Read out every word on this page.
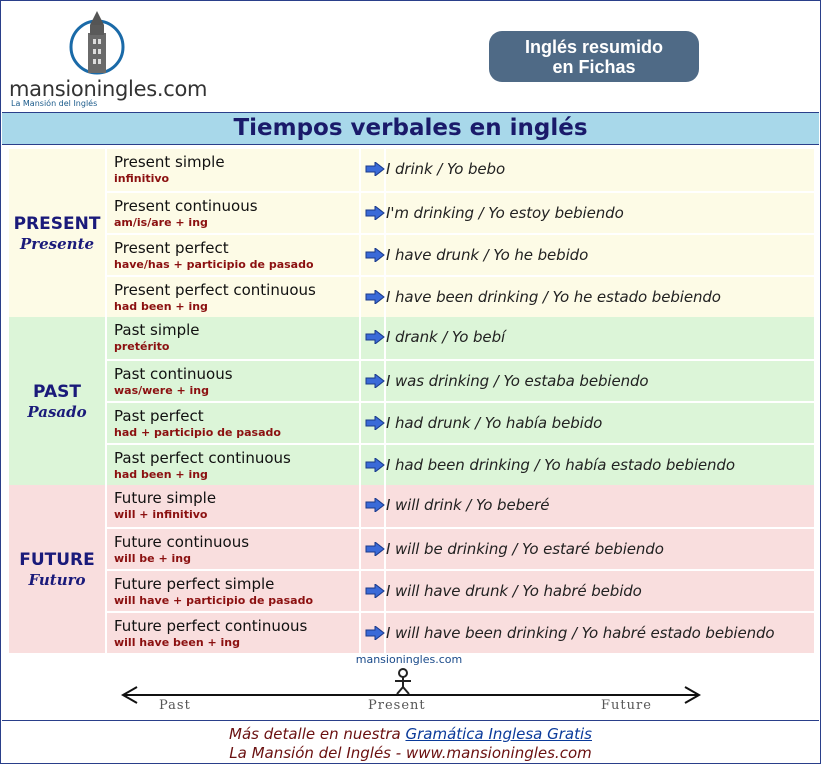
mansioningles.com
La Mansión del Inglés
Inglés resumido
en Fichas
Tiempos verbales en inglés
PRESENT
Presente
Present simple
infinitivo
I drink / Yo bebo
Present continuous
am/is/are + ing
I'm drinking / Yo estoy bebiendo
Present perfect
have/has + participio de pasado
I have drunk / Yo he bebido
Present perfect continuous
had been + ing
I have been drinking / Yo he estado bebiendo
PAST
Pasado
Past simple
pretérito
I drank / Yo bebí
Past continuous
was/were + ing
I was drinking / Yo estaba bebiendo
Past perfect
had + participio de pasado
I had drunk / Yo había bebido
Past perfect continuous
had been + ing
I had been drinking / Yo había estado bebiendo
FUTURE
Futuro
Future simple
will + infinitivo
I will drink / Yo beberé
Future continuous
will be + ing
I will be drinking / Yo estaré bebiendo
Future perfect simple
will have + participio de pasado
I will have drunk / Yo habré bebido
Future perfect continuous
will have been + ing
I will have been drinking / Yo habré estado bebiendo
mansioningles.com
Past	Present	Future
Más detalle en nuestra Gramática Inglesa Gratis
La Mansión del Inglés - www.mansioningles.com
